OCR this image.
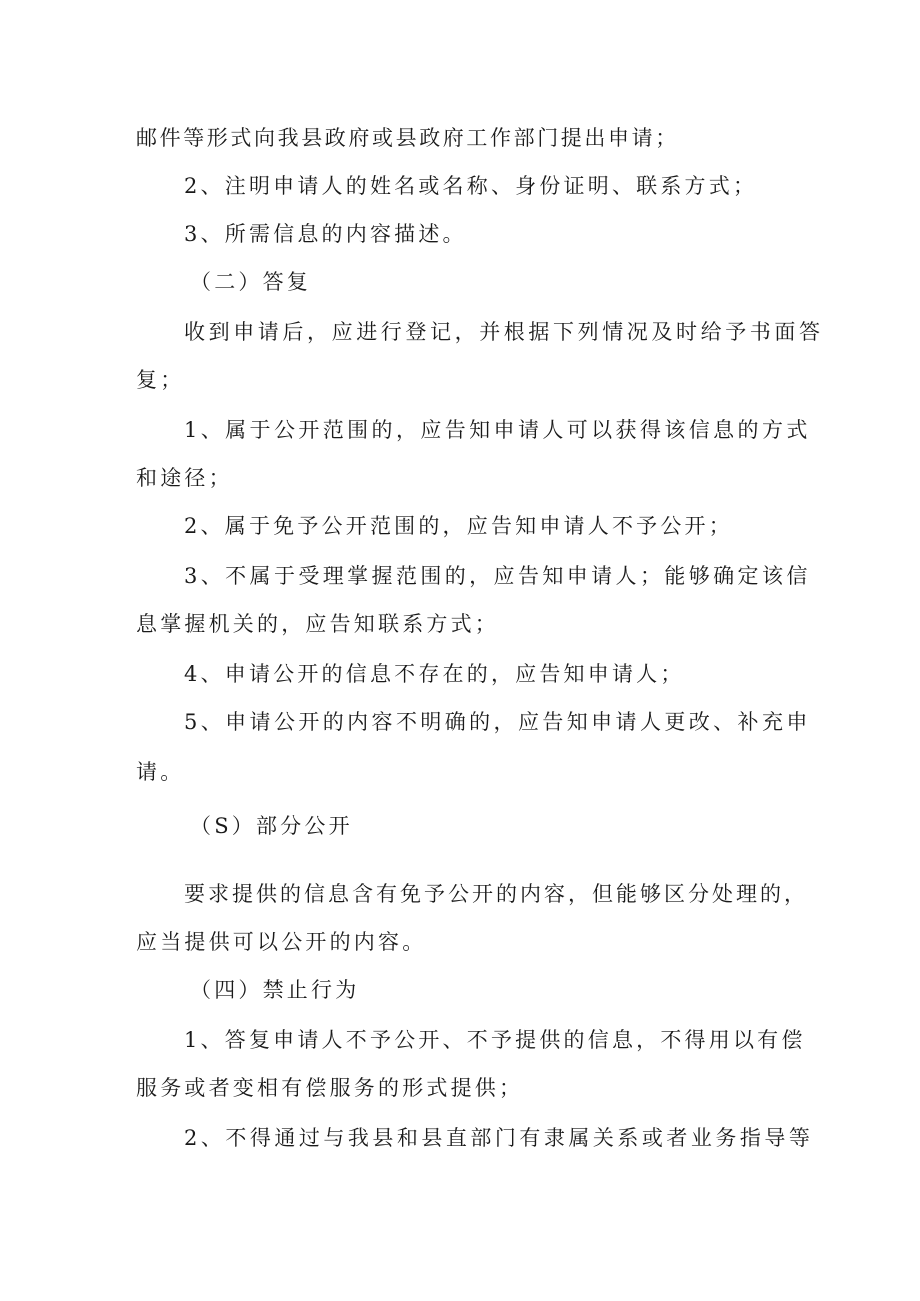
邮件等形式向我县政府或县政府工作部门提出申请；
2、注明申请人的姓名或名称、身份证明、联系方式；
3、所需信息的内容描述。
（二）答复
收到申请后，应进行登记，并根据下列情况及时给予书面答
复；
1、属于公开范围的，应告知申请人可以获得该信息的方式
和途径；
2、属于免予公开范围的，应告知申请人不予公开；
3、不属于受理掌握范围的，应告知申请人；能够确定该信
息掌握机关的，应告知联系方式；
4、申请公开的信息不存在的，应告知申请人；
5、申请公开的内容不明确的，应告知申请人更改、补充申
请。
（S）部分公开
要求提供的信息含有免予公开的内容，但能够区分处理的，
应当提供可以公开的内容。
（四）禁止行为
1、答复申请人不予公开、不予提供的信息，不得用以有偿
服务或者变相有偿服务的形式提供；
2、不得通过与我县和县直部门有隶属关系或者业务指导等
